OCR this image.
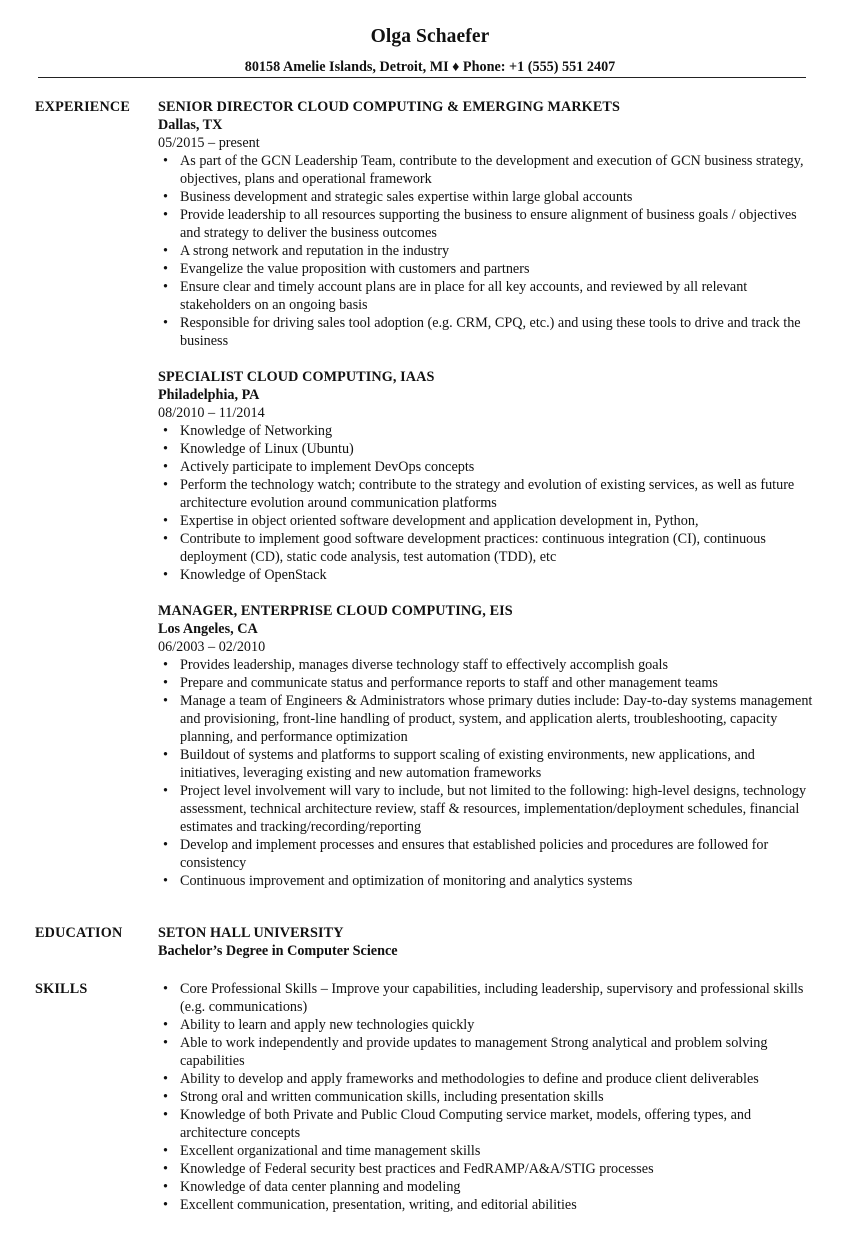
Olga Schaefer
80158 Amelie Islands, Detroit, MI ♦ Phone: +1 (555) 551 2407
EXPERIENCE SENIOR DIRECTOR CLOUD COMPUTING & EMERGING MARKETS
Dallas, TX
05/2015 – present
• As part of the GCN Leadership Team, contribute to the development and execution of GCN business strategy, objectives, plans and operational framework
• Business development and strategic sales expertise within large global accounts
• Provide leadership to all resources supporting the business to ensure alignment of business goals / objectives and strategy to deliver the business outcomes
• A strong network and reputation in the industry
• Evangelize the value proposition with customers and partners
• Ensure clear and timely account plans are in place for all key accounts, and reviewed by all relevant stakeholders on an ongoing basis
• Responsible for driving sales tool adoption (e.g. CRM, CPQ, etc.) and using these tools to drive and track the business
SPECIALIST CLOUD COMPUTING, IAAS
Philadelphia, PA
08/2010 – 11/2014
• Knowledge of Networking
• Knowledge of Linux (Ubuntu)
• Actively participate to implement DevOps concepts
• Perform the technology watch; contribute to the strategy and evolution of existing services, as well as future architecture evolution around communication platforms
• Expertise in object oriented software development and application development in, Python,
• Contribute to implement good software development practices: continuous integration (CI), continuous deployment (CD), static code analysis, test automation (TDD), etc
• Knowledge of OpenStack
MANAGER, ENTERPRISE CLOUD COMPUTING, EIS
Los Angeles, CA
06/2003 – 02/2010
• Provides leadership, manages diverse technology staff to effectively accomplish goals
• Prepare and communicate status and performance reports to staff and other management teams
• Manage a team of Engineers & Administrators whose primary duties include: Day-to-day systems management and provisioning, front-line handling of product, system, and application alerts, troubleshooting, capacity planning, and performance optimization
• Buildout of systems and platforms to support scaling of existing environments, new applications, and initiatives, leveraging existing and new automation frameworks
• Project level involvement will vary to include, but not limited to the following: high-level designs, technology assessment, technical architecture review, staff & resources, implementation/deployment schedules, financial estimates and tracking/recording/reporting
• Develop and implement processes and ensures that established policies and procedures are followed for consistency
• Continuous improvement and optimization of monitoring and analytics systems
EDUCATION	SETON HALL UNIVERSITY
Bachelor’s Degree in Computer Science
SKILLS	• Core Professional Skills – Improve your capabilities, including leadership, supervisory and professional skills (e.g. communications)
• Ability to learn and apply new technologies quickly
• Able to work independently and provide updates to management Strong analytical and problem solving capabilities
• Ability to develop and apply frameworks and methodologies to define and produce client deliverables
• Strong oral and written communication skills, including presentation skills
• Knowledge of both Private and Public Cloud Computing service market, models, offering types, and architecture concepts
• Excellent organizational and time management skills
• Knowledge of Federal security best practices and FedRAMP/A&A/STIG processes
• Knowledge of data center planning and modeling
• Excellent communication, presentation, writing, and editorial abilities
